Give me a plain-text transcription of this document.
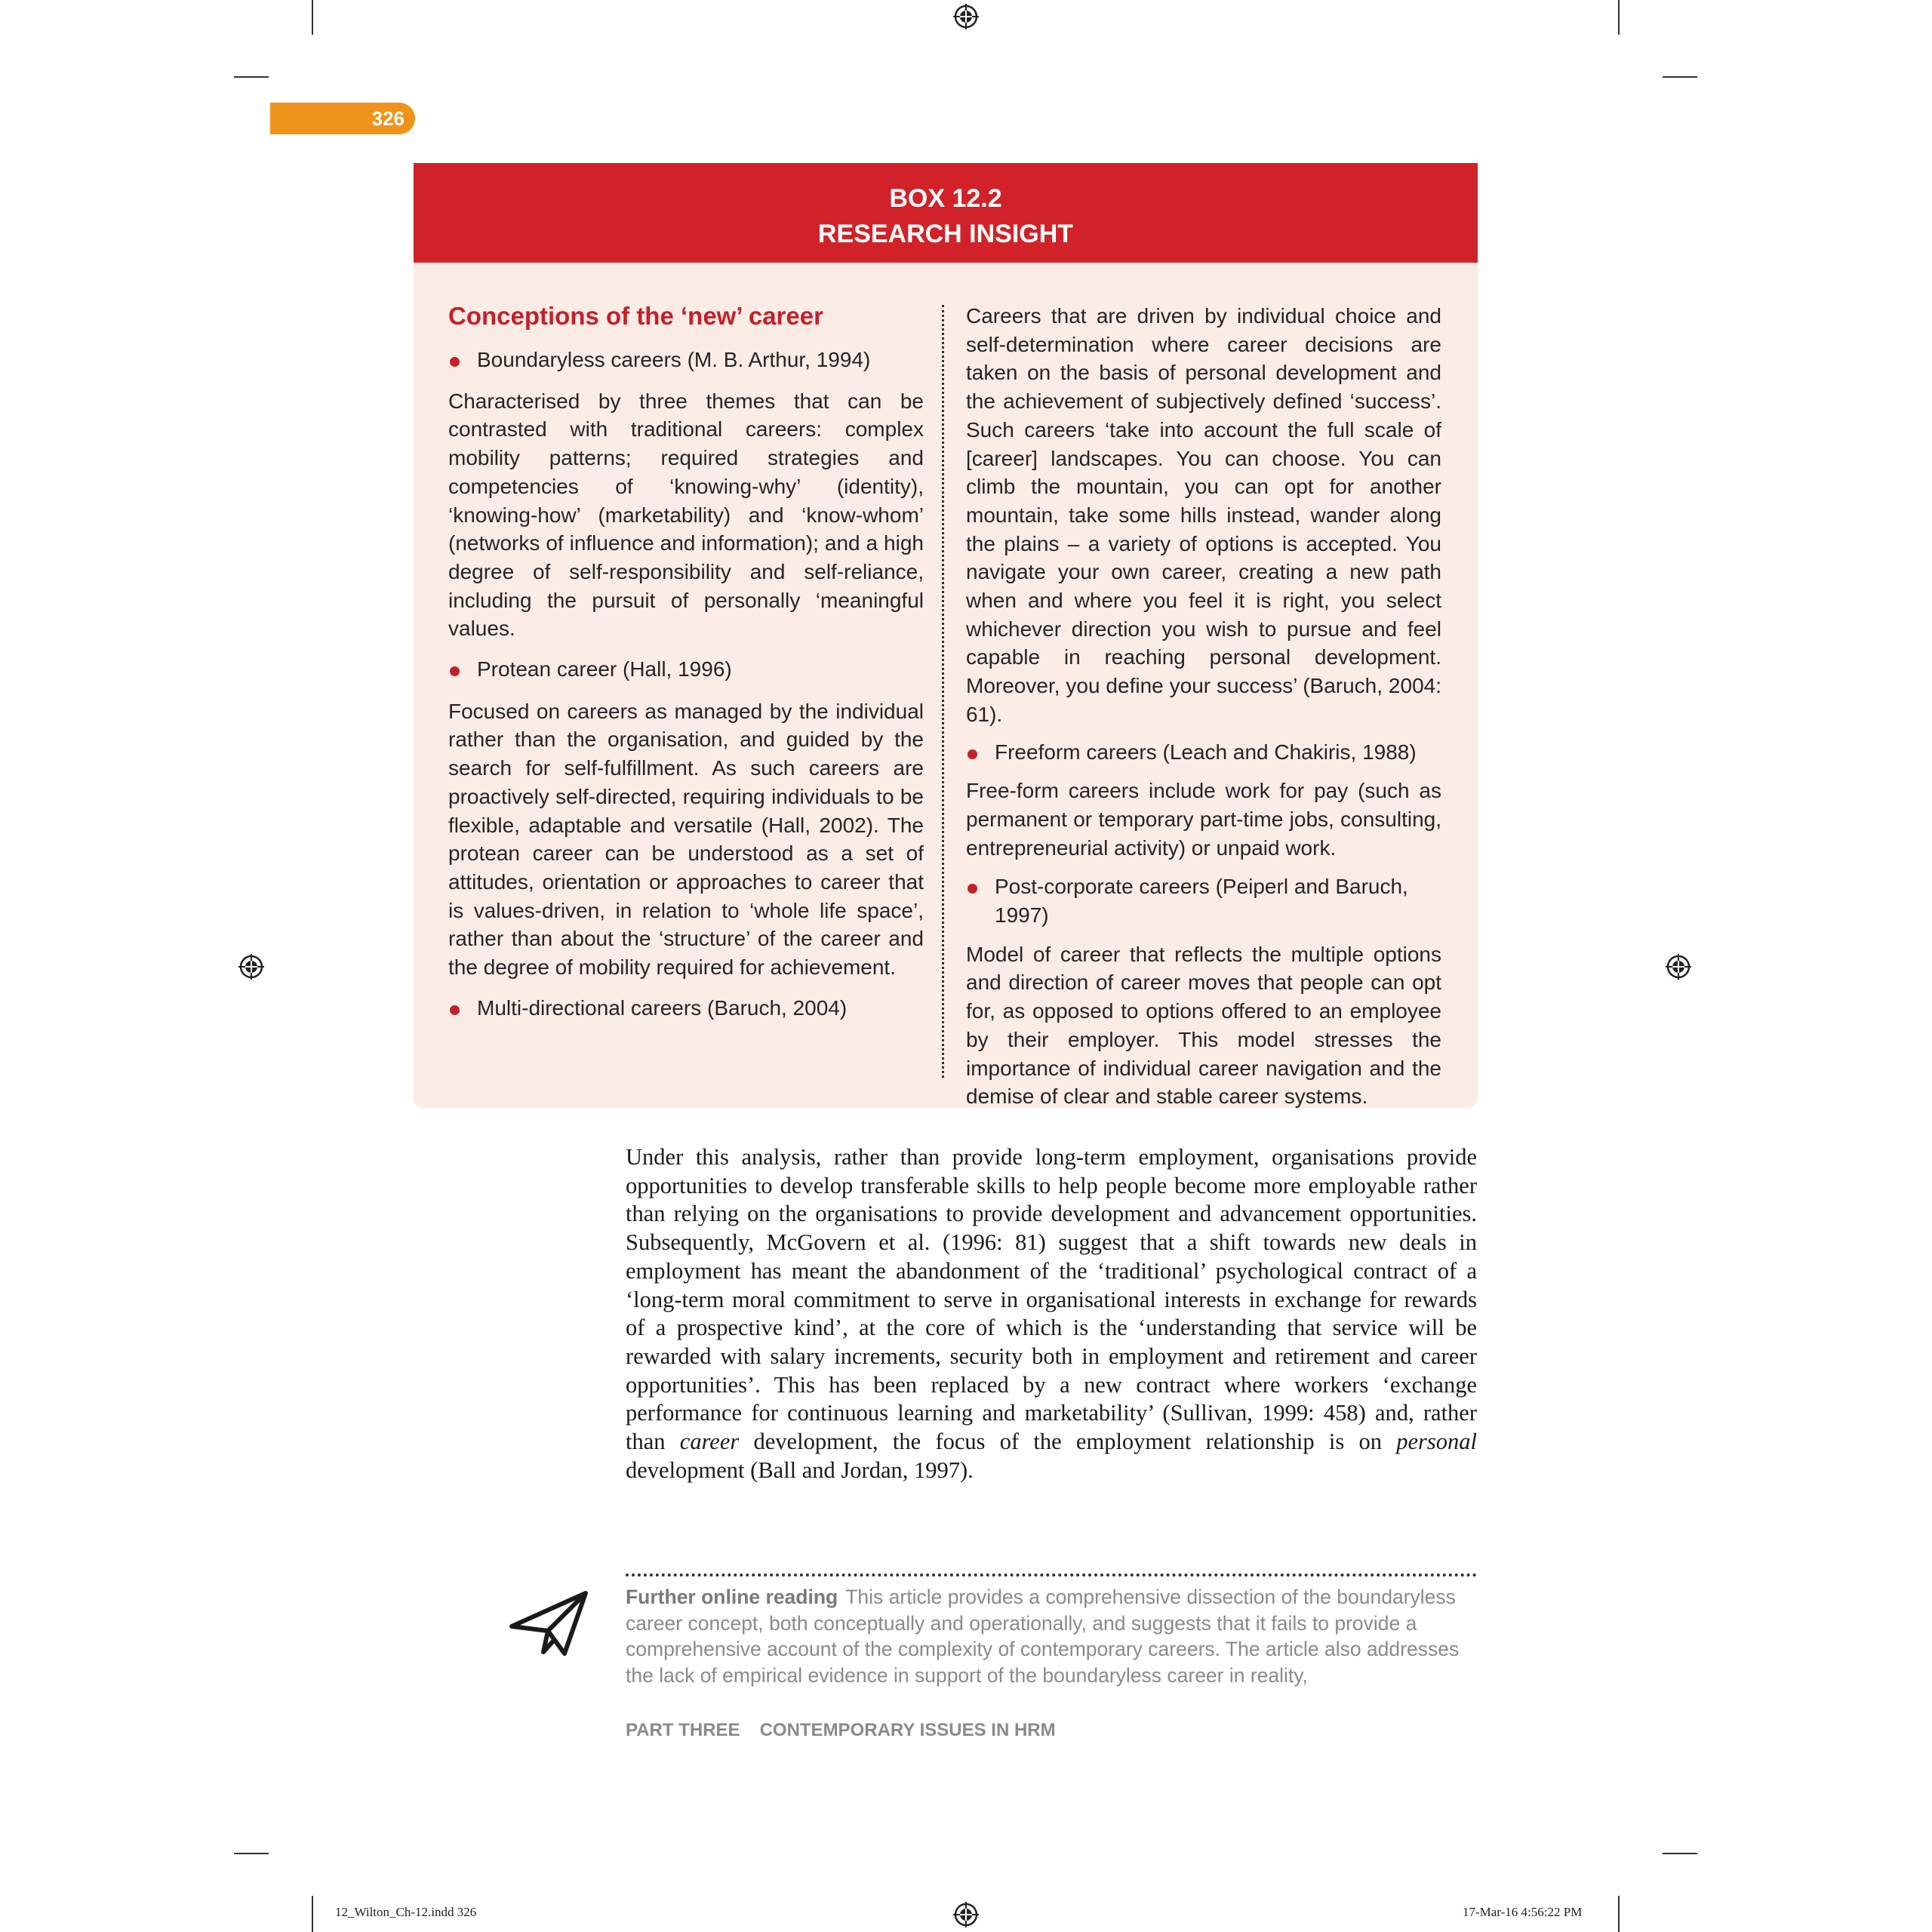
326
BOX 12.2
RESEARCH INSIGHT
Conceptions of the ‘new’ career
Boundaryless careers (M. B. Arthur, 1994)
Characterised by three themes that can be contrasted with traditional careers: complex mobility patterns; required strategies and competencies of ‘knowing-why’ (identity), ‘knowing-how’ (marketability) and ‘know-whom’ (networks of influence and information); and a high degree of self-responsibility and self-reliance, including the pursuit of personally ‘meaningful values.
Protean career (Hall, 1996)
Focused on careers as managed by the individual rather than the organisation, and guided by the search for self-fulfillment. As such careers are proactively self-directed, requiring individuals to be flexible, adaptable and versatile (Hall, 2002). The protean career can be understood as a set of attitudes, orientation or approaches to career that is values-driven, in relation to ‘whole life space’, rather than about the ‘structure’ of the career and the degree of mobility required for achievement.
Multi-directional careers (Baruch, 2004)
Careers that are driven by individual choice and self-determination where career decisions are taken on the basis of personal development and the achievement of subjectively defined ‘success’. Such careers ‘take into account the full scale of [career] landscapes. You can choose. You can climb the mountain, you can opt for another mountain, take some hills instead, wander along the plains – a variety of options is accepted. You navigate your own career, creating a new path when and where you feel it is right, you select whichever direction you wish to pursue and feel capable in reaching personal development. Moreover, you define your success’ (Baruch, 2004: 61).
Freeform careers (Leach and Chakiris, 1988)
Free-form careers include work for pay (such as permanent or temporary part-time jobs, consulting, entrepreneurial activity) or unpaid work.
Post-corporate careers (Peiperl and Baruch, 1997)
Model of career that reflects the multiple options and direction of career moves that people can opt for, as opposed to options offered to an employee by their employer. This model stresses the importance of individual career navigation and the demise of clear and stable career systems.
Under this analysis, rather than provide long-term employment, organisations provide opportunities to develop transferable skills to help people become more employable rather than relying on the organisations to provide development and advancement opportunities. Subsequently, McGovern et al. (1996: 81) suggest that a shift towards new deals in employment has meant the abandonment of the ‘traditional’ psychological contract of a ‘long-term moral commitment to serve in organisational interests in exchange for rewards of a prospective kind’, at the core of which is the ‘understanding that service will be rewarded with salary increments, security both in employment and retirement and career opportunities’. This has been replaced by a new contract where workers ‘exchange performance for continuous learning and marketability’ (Sullivan, 1999: 458) and, rather than career development, the focus of the employment relationship is on personal development (Ball and Jordan, 1997).
Further online reading This article provides a comprehensive dissection of the boundaryless career concept, both conceptually and operationally, and suggests that it fails to provide a comprehensive account of the complexity of contemporary careers. The article also addresses the lack of empirical evidence in support of the boundaryless career in reality,
PART THREE CONTEMPORARY ISSUES IN HRM
12_Wilton_Ch-12.indd 326	17-Mar-16 4:56:22 PM
